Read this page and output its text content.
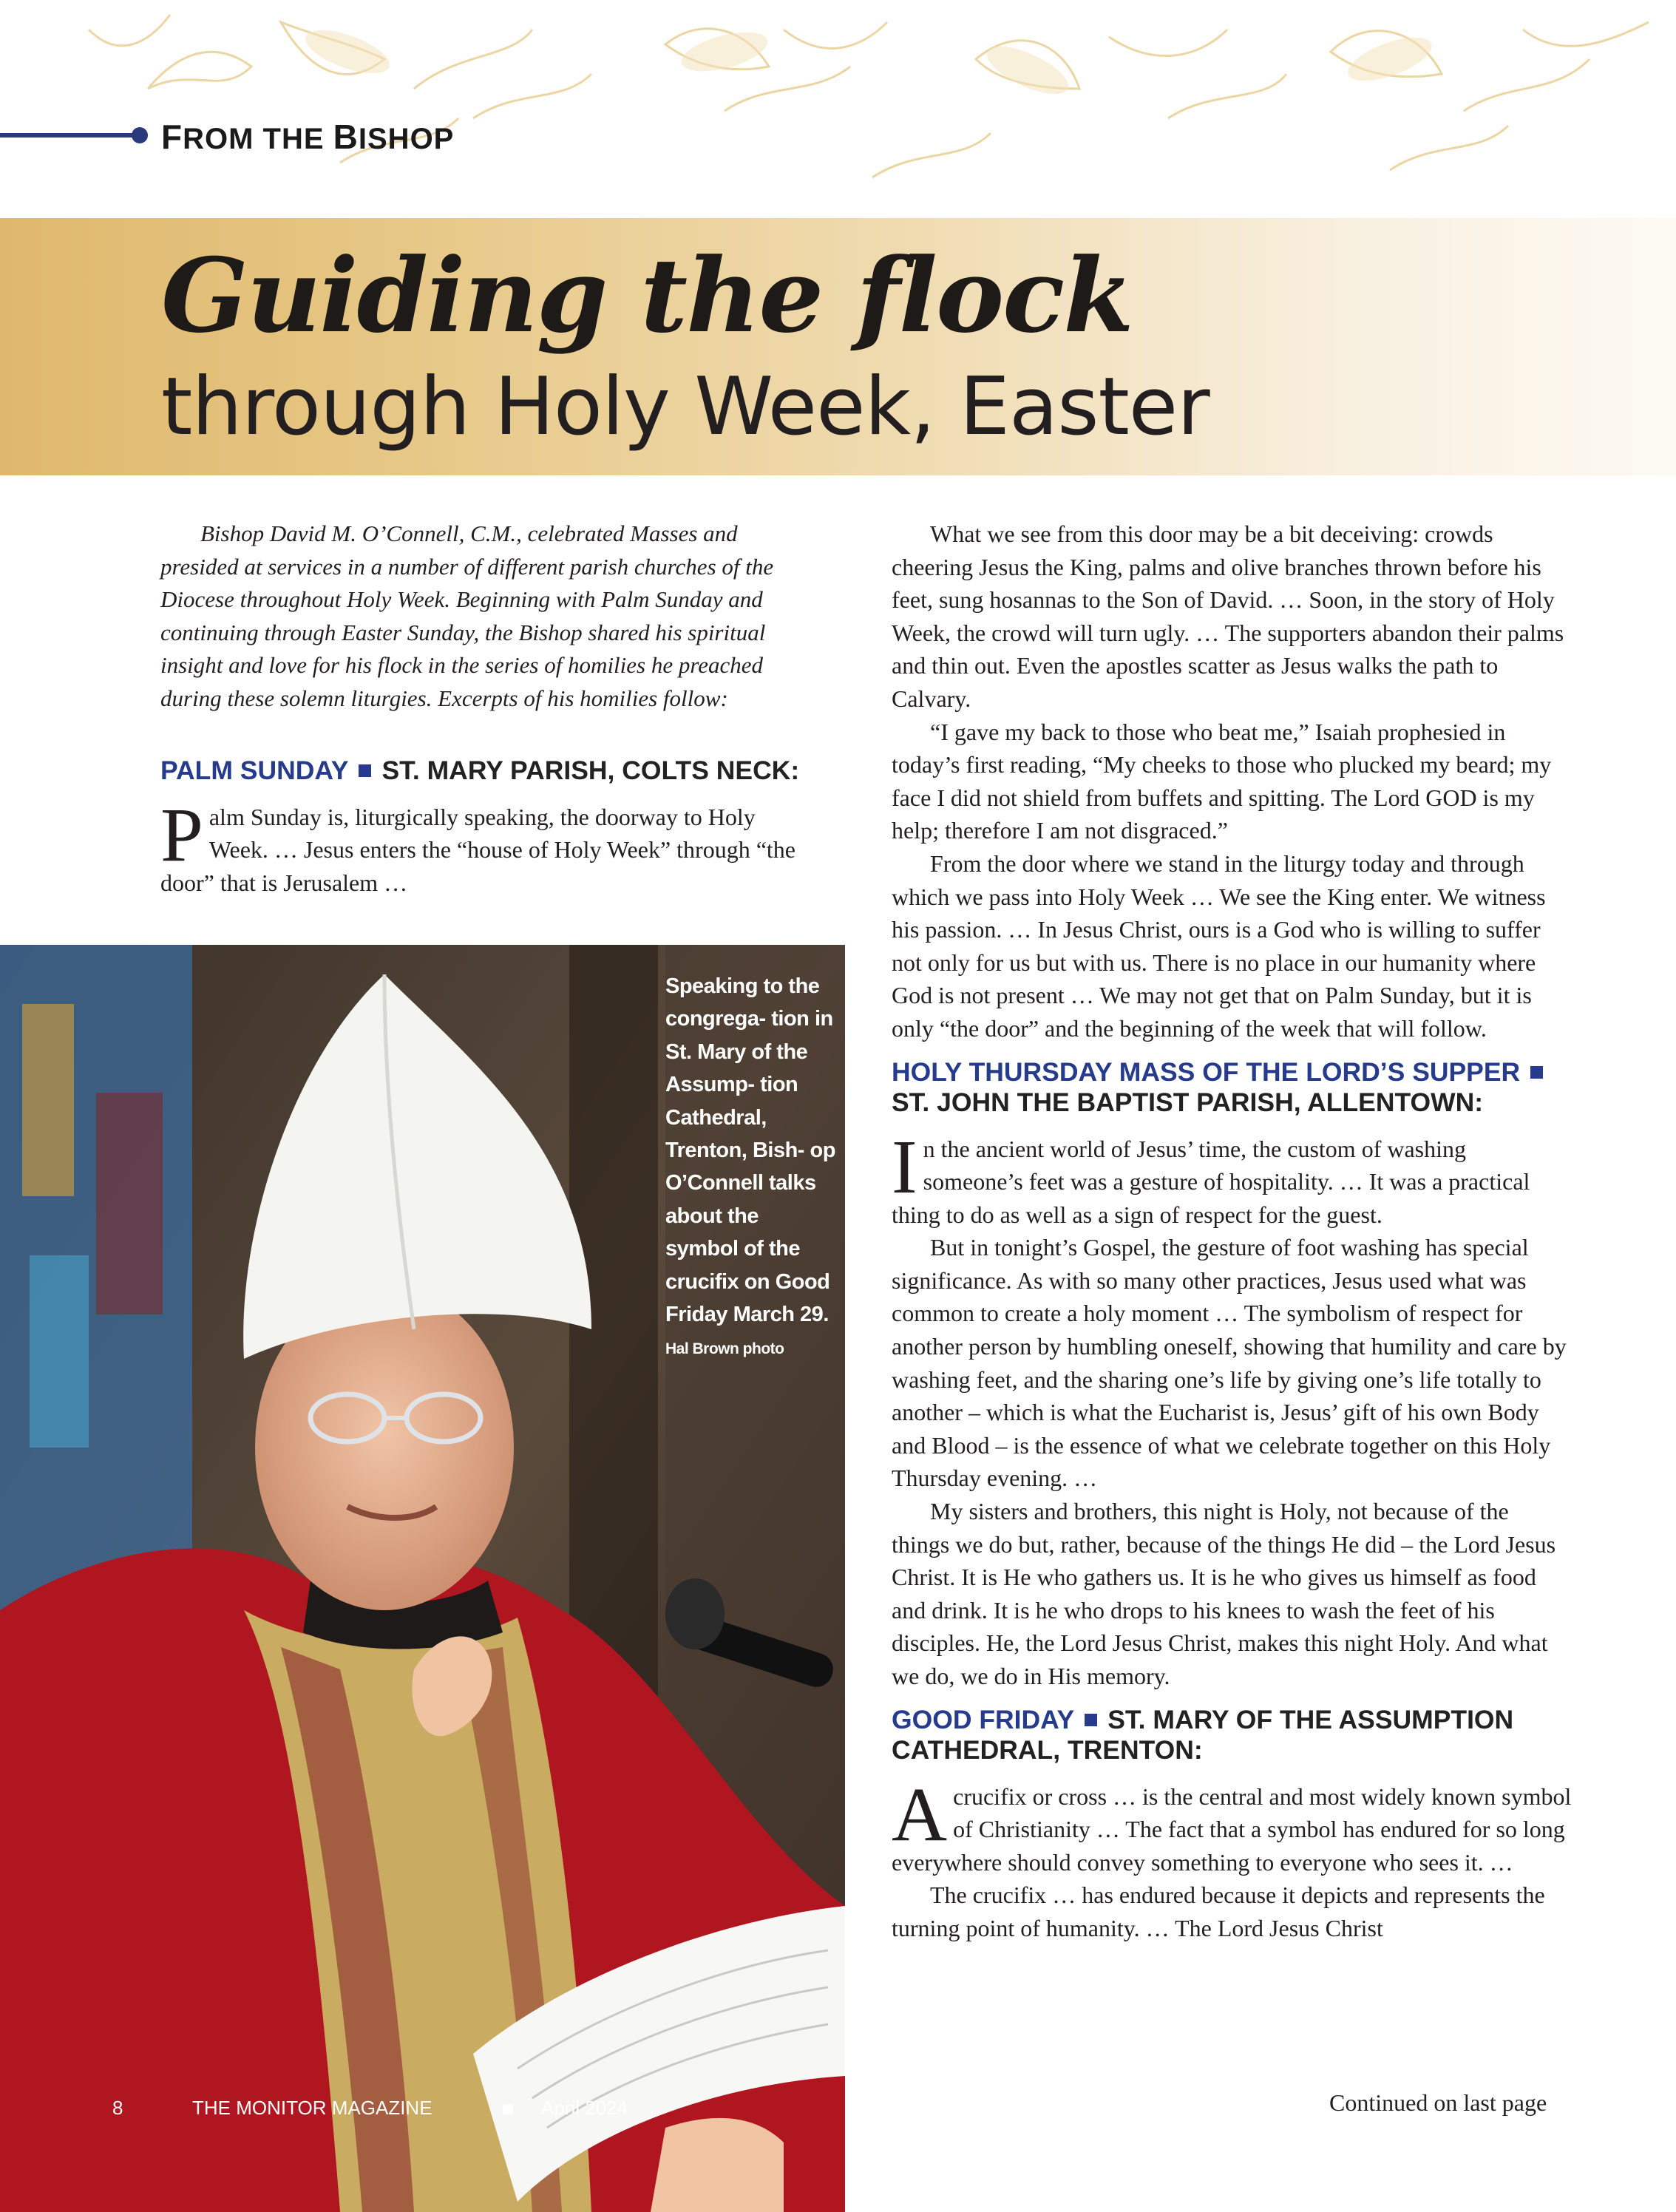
FROM THE BISHOP
Guiding the flock
through Holy Week, Easter

Bishop David M. O’Connell, C.M., celebrated Masses and presided at services in a number of different parish churches of the Diocese throughout Holy Week. Beginning with Palm Sunday and continuing through Easter Sunday, the Bishop shared his spiritual insight and love for his flock in the series of homilies he preached during these solemn liturgies. Excerpts of his homilies follow:

PALM SUNDAY ST. MARY PARISH, COLTS NECK:

Palm Sunday is, liturgically speaking, the doorway to Holy Week. … Jesus enters the “house of Holy Week” through “the door” that is Jerusalem …

What we see from this door may be a bit deceiving: crowds cheering Jesus the King, palms and olive branches thrown before his feet, sung hosannas to the Son of David. … Soon, in the story of Holy Week, the crowd will turn ugly. … The supporters abandon their palms and thin out. Even the apostles scatter as Jesus walks the path to Calvary.

“I gave my back to those who beat me,” Isaiah prophesied in today’s first reading, “My cheeks to those who plucked my beard; my face I did not shield from buffets and spitting. The Lord GOD is my help; therefore I am not disgraced.”

From the door where we stand in the liturgy today and through which we pass into Holy Week … We see the King enter. We witness his passion. … In Jesus Christ, ours is a God who is willing to suffer not only for us but with us. There is no place in our humanity where God is not present … We may not get that on Palm Sunday, but it is only “the door” and the beginning of the week that will follow.

HOLY THURSDAY MASS OF THE LORD’S SUPPER
ST. JOHN THE BAPTIST PARISH, ALLENTOWN:

In the ancient world of Jesus’ time, the custom of washing someone’s feet was a gesture of hospitality. … It was a practical thing to do as well as a sign of respect for the guest.

But in tonight’s Gospel, the gesture of foot washing has special significance. As with so many other practices, Jesus used what was common to create a holy moment … The symbolism of respect for another person by humbling oneself, showing that humility and care by washing feet, and the sharing one’s life by giving one’s life totally to another – which is what the Eucharist is, Jesus’ gift of his own Body and Blood – is the essence of what we celebrate together on this Holy Thursday evening. …

My sisters and brothers, this night is Holy, not because of the things we do but, rather, because of the things He did – the Lord Jesus Christ. It is He who gathers us. It is he who gives us himself as food and drink. It is he who drops to his knees to wash the feet of his disciples. He, the Lord Jesus Christ, makes this night Holy. And what we do, we do in His memory.

GOOD FRIDAY ST. MARY OF THE ASSUMPTION
CATHEDRAL, TRENTON:

Acrucifix or cross … is the central and most widely known symbol of Christianity … The fact that a symbol has endured for so long everywhere should convey something to everyone who sees it. …

The crucifix … has endured because it depicts and represents the turning point of humanity. … The Lord Jesus Christ

Speaking to the congrega- tion in St. Mary of the Assump- tion Cathedral, Trenton, Bish- op O’Connell talks about the symbol of the crucifix on Good Friday March 29.
Hal Brown photo
8	THE MONITOR MAGAZINE	April 2024	Continued on last page
